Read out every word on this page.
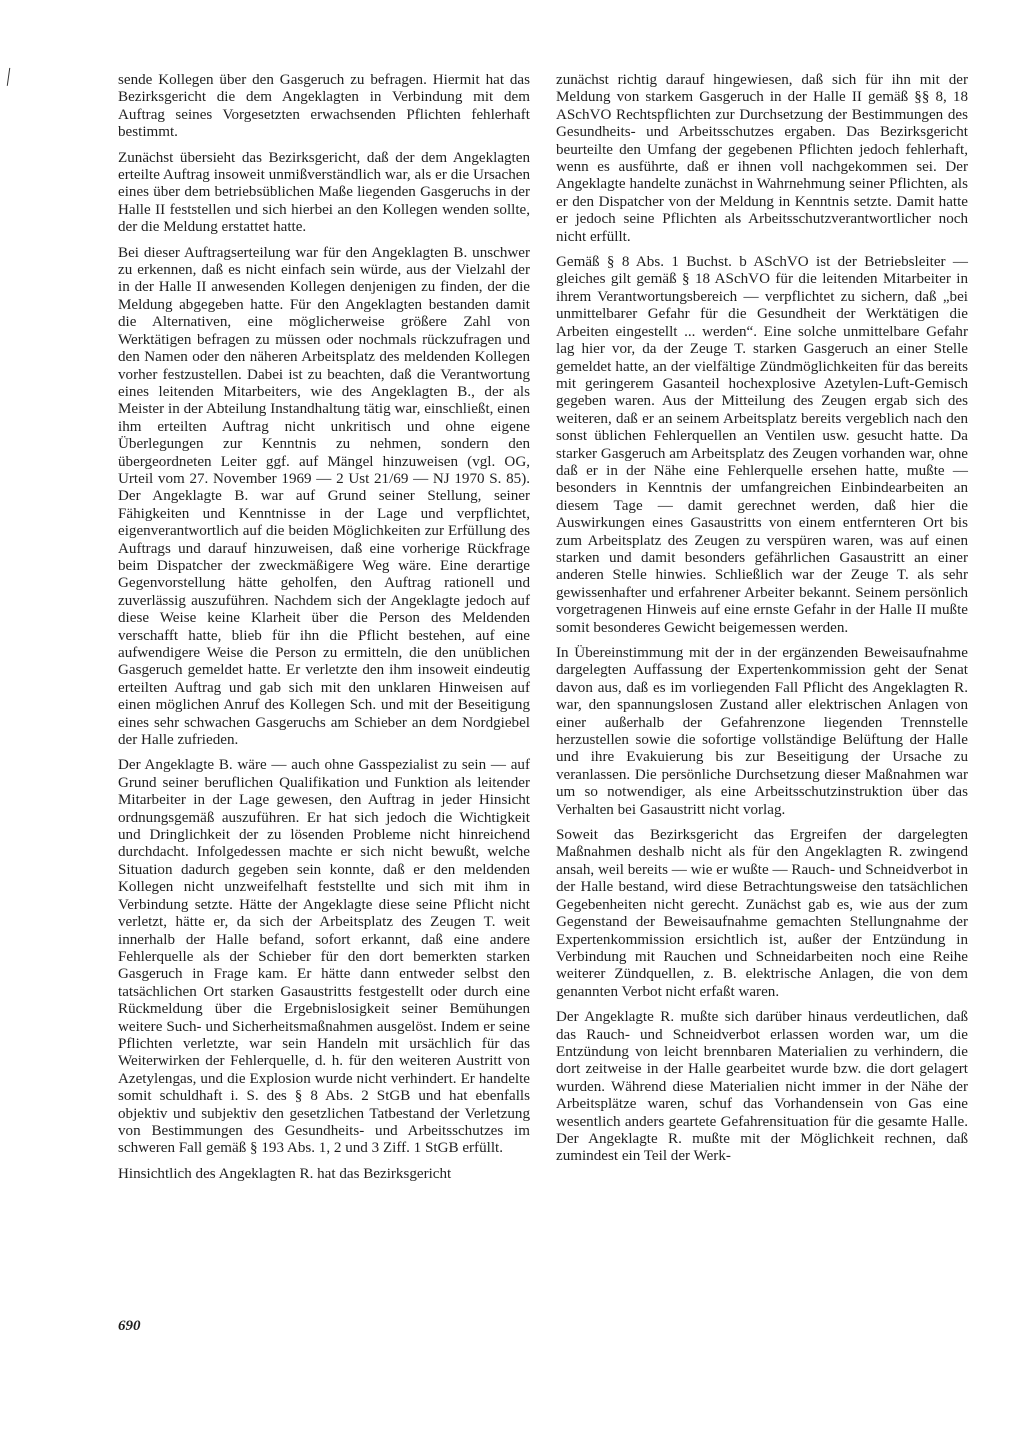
sende Kollegen über den Gasgeruch zu befragen. Hiermit hat das Bezirksgericht die dem Angeklagten in Verbindung mit dem Auftrag seines Vorgesetzten erwachsenden Pflichten fehlerhaft bestimmt.

Zunächst übersieht das Bezirksgericht, daß der dem Angeklagten erteilte Auftrag insoweit unmißverständlich war, als er die Ursachen eines über dem betriebsüblichen Maße liegenden Gasgeruchs in der Halle II feststellen und sich hierbei an den Kollegen wenden sollte, der die Meldung erstattet hatte.

Bei dieser Auftragserteilung war für den Angeklagten B. unschwer zu erkennen, daß es nicht einfach sein würde, aus der Vielzahl der in der Halle II anwesenden Kollegen denjenigen zu finden, der die Meldung abgegeben hatte. Für den Angeklagten bestanden damit die Alternativen, eine möglicherweise größere Zahl von Werktätigen befragen zu müssen oder nochmals rückzufragen und den Namen oder den näheren Arbeitsplatz des meldenden Kollegen vorher festzustellen. Dabei ist zu beachten, daß die Verantwortung eines leitenden Mitarbeiters, wie des Angeklagten B., der als Meister in der Abteilung Instandhaltung tätig war, einschließt, einen ihm erteilten Auftrag nicht unkritisch und ohne eigene Überlegungen zur Kenntnis zu nehmen, sondern den übergeordneten Leiter ggf. auf Mängel hinzuweisen (vgl. OG, Urteil vom 27. November 1969 — 2 Ust 21/69 — NJ 1970 S. 85). Der Angeklagte B. war auf Grund seiner Stellung, seiner Fähigkeiten und Kenntnisse in der Lage und verpflichtet, eigenverantwortlich auf die beiden Möglichkeiten zur Erfüllung des Auftrags und darauf hinzuweisen, daß eine vorherige Rückfrage beim Dispatcher der zweckmäßigere Weg wäre. Eine derartige Gegenvorstellung hätte geholfen, den Auftrag rationell und zuverlässig auszuführen. Nachdem sich der Angeklagte jedoch auf diese Weise keine Klarheit über die Person des Meldenden verschafft hatte, blieb für ihn die Pflicht bestehen, auf eine aufwendigere Weise die Person zu ermitteln, die den unüblichen Gasgeruch gemeldet hatte. Er verletzte den ihm insoweit eindeutig erteilten Auftrag und gab sich mit den unklaren Hinweisen auf einen möglichen Anruf des Kollegen Sch. und mit der Beseitigung eines sehr schwachen Gasgeruchs am Schieber an dem Nordgiebel der Halle zufrieden.

Der Angeklagte B. wäre — auch ohne Gasspezialist zu sein — auf Grund seiner beruflichen Qualifikation und Funktion als leitender Mitarbeiter in der Lage gewesen, den Auftrag in jeder Hinsicht ordnungsgemäß auszuführen. Er hat sich jedoch die Wichtigkeit und Dringlichkeit der zu lösenden Probleme nicht hinreichend durchdacht. Infolgedessen machte er sich nicht bewußt, welche Situation dadurch gegeben sein konnte, daß er den meldenden Kollegen nicht unzweifelhaft feststellte und sich mit ihm in Verbindung setzte. Hätte der Angeklagte diese seine Pflicht nicht verletzt, hätte er, da sich der Arbeitsplatz des Zeugen T. weit innerhalb der Halle befand, sofort erkannt, daß eine andere Fehlerquelle als der Schieber für den dort bemerkten starken Gasgeruch in Frage kam. Er hätte dann entweder selbst den tatsächlichen Ort starken Gasaustritts festgestellt oder durch eine Rückmeldung über die Ergebnislosigkeit seiner Bemühungen weitere Such- und Sicherheitsmaßnahmen ausgelöst. Indem er seine Pflichten verletzte, war sein Handeln mit ursächlich für das Weiterwirken der Fehlerquelle, d. h. für den weiteren Austritt von Azetylengas, und die Explosion wurde nicht verhindert. Er handelte somit schuldhaft i. S. des § 8 Abs. 2 StGB und hat ebenfalls objektiv und subjektiv den gesetzlichen Tatbestand der Verletzung von Bestimmungen des Gesundheits- und Arbeitsschutzes im schweren Fall gemäß § 193 Abs. 1, 2 und 3 Ziff. 1 StGB erfüllt.

Hinsichtlich des Angeklagten R. hat das Bezirksgericht

zunächst richtig darauf hingewiesen, daß sich für ihn mit der Meldung von starkem Gasgeruch in der Halle II gemäß §§ 8, 18 ASchVO Rechtspflichten zur Durchsetzung der Bestimmungen des Gesundheits- und Arbeitsschutzes ergaben. Das Bezirksgericht beurteilte den Umfang der gegebenen Pflichten jedoch fehlerhaft, wenn es ausführte, daß er ihnen voll nachgekommen sei. Der Angeklagte handelte zunächst in Wahrnehmung seiner Pflichten, als er den Dispatcher von der Meldung in Kenntnis setzte. Damit hatte er jedoch seine Pflichten als Arbeitsschutzverantwortlicher noch nicht erfüllt.

Gemäß § 8 Abs. 1 Buchst. b ASchVO ist der Betriebsleiter — gleiches gilt gemäß § 18 ASchVO für die leitenden Mitarbeiter in ihrem Verantwortungsbereich — verpflichtet zu sichern, daß „bei unmittelbarer Gefahr für die Gesundheit der Werktätigen die Arbeiten eingestellt ... werden“. Eine solche unmittelbare Gefahr lag hier vor, da der Zeuge T. starken Gasgeruch an einer Stelle gemeldet hatte, an der vielfältige Zündmöglichkeiten für das bereits mit geringerem Gasanteil hochexplosive Azetylen-Luft-Gemisch gegeben waren. Aus der Mitteilung des Zeugen ergab sich des weiteren, daß er an seinem Arbeitsplatz bereits vergeblich nach den sonst üblichen Fehlerquellen an Ventilen usw. gesucht hatte. Da starker Gasgeruch am Arbeitsplatz des Zeugen vorhanden war, ohne daß er in der Nähe eine Fehlerquelle ersehen hatte, mußte — besonders in Kenntnis der umfangreichen Einbindearbeiten an diesem Tage — damit gerechnet werden, daß hier die Auswirkungen eines Gasaustritts von einem entfernteren Ort bis zum Arbeitsplatz des Zeugen zu verspüren waren, was auf einen starken und damit besonders gefährlichen Gasaustritt an einer anderen Stelle hinwies. Schließlich war der Zeuge T. als sehr gewissenhafter und erfahrener Arbeiter bekannt. Seinem persönlich vorgetragenen Hinweis auf eine ernste Gefahr in der Halle II mußte somit besonderes Gewicht beigemessen werden.

In Übereinstimmung mit der in der ergänzenden Beweisaufnahme dargelegten Auffassung der Expertenkommission geht der Senat davon aus, daß es im vorliegenden Fall Pflicht des Angeklagten R. war, den spannungslosen Zustand aller elektrischen Anlagen von einer außerhalb der Gefahrenzone liegenden Trennstelle herzustellen sowie die sofortige vollständige Belüftung der Halle und ihre Evakuierung bis zur Beseitigung der Ursache zu veranlassen. Die persönliche Durchsetzung dieser Maßnahmen war um so notwendiger, als eine Arbeitsschutzinstruktion über das Verhalten bei Gasaustritt nicht vorlag.

Soweit das Bezirksgericht das Ergreifen der dargelegten Maßnahmen deshalb nicht als für den Angeklagten R. zwingend ansah, weil bereits — wie er wußte — Rauch- und Schneidverbot in der Halle bestand, wird diese Betrachtungsweise den tatsächlichen Gegebenheiten nicht gerecht. Zunächst gab es, wie aus der zum Gegenstand der Beweisaufnahme gemachten Stellungnahme der Expertenkommission ersichtlich ist, außer der Entzündung in Verbindung mit Rauchen und Schneidarbeiten noch eine Reihe weiterer Zündquellen, z. B. elektrische Anlagen, die von dem genannten Verbot nicht erfaßt waren.

Der Angeklagte R. mußte sich darüber hinaus verdeutlichen, daß das Rauch- und Schneidverbot erlassen worden war, um die Entzündung von leicht brennbaren Materialien zu verhindern, die dort zeitweise in der Halle gearbeitet wurde bzw. die dort gelagert wurden. Während diese Materialien nicht immer in der Nähe der Arbeitsplätze waren, schuf das Vorhandensein von Gas eine wesentlich anders geartete Gefahrensituation für die gesamte Halle. Der Angeklagte R. mußte mit der Möglichkeit rechnen, daß zumindest ein Teil der Werk-

690
